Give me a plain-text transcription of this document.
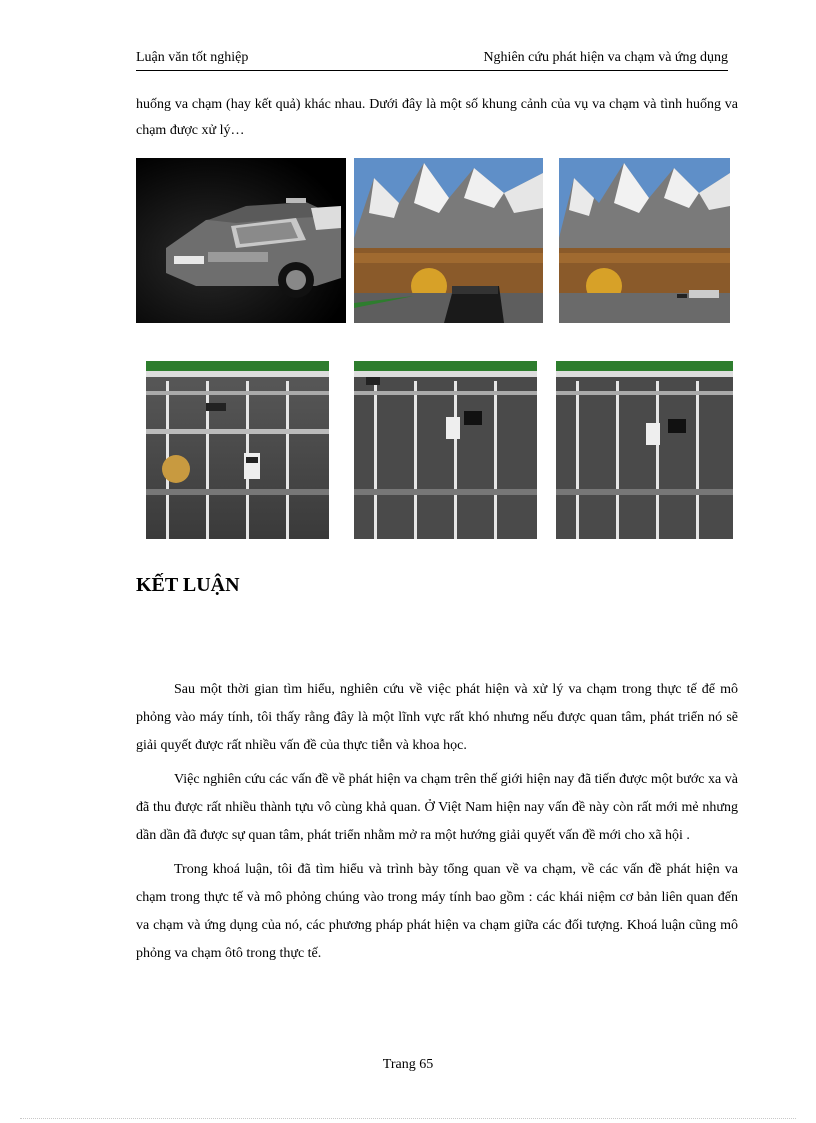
Luận văn tốt nghiệp	Nghiên cứu phát hiện va chạm và ứng dụng

huống va chạm (hay kết quả) khác nhau. Dưới đây là một số khung cảnh của vụ va chạm và tình huống va chạm được xử lý…

KẾT LUẬN

Sau một thời gian tìm hiểu, nghiên cứu về việc phát hiện và xử lý va chạm trong thực tế để mô phỏng vào máy tính, tôi thấy rằng đây là một lĩnh vực rất khó nhưng nếu được quan tâm, phát triển nó sẽ giải quyết được rất nhiều vấn đề của thực tiễn và khoa học.

Việc nghiên cứu các vấn đề về phát hiện va chạm trên thế giới hiện nay đã tiến được một bước xa và đã thu được rất nhiều thành tựu vô cùng khả quan. Ở Việt Nam hiện nay vấn đề này còn rất mới mẻ nhưng dần dần đã được sự quan tâm, phát triển nhằm mở ra một hướng giải quyết vấn đề mới cho xã hội .

Trong khoá luận, tôi đã tìm hiểu và trình bày tổng quan về va chạm, về các vấn đề phát hiện va chạm trong thực tế và mô phỏng chúng vào trong máy tính bao gồm : các khái niệm cơ bản liên quan đến va chạm và ứng dụng của nó, các phương pháp phát hiện va chạm giữa các đối tượng. Khoá luận cũng mô phỏng va chạm ôtô trong thực tế.

Trang 65
